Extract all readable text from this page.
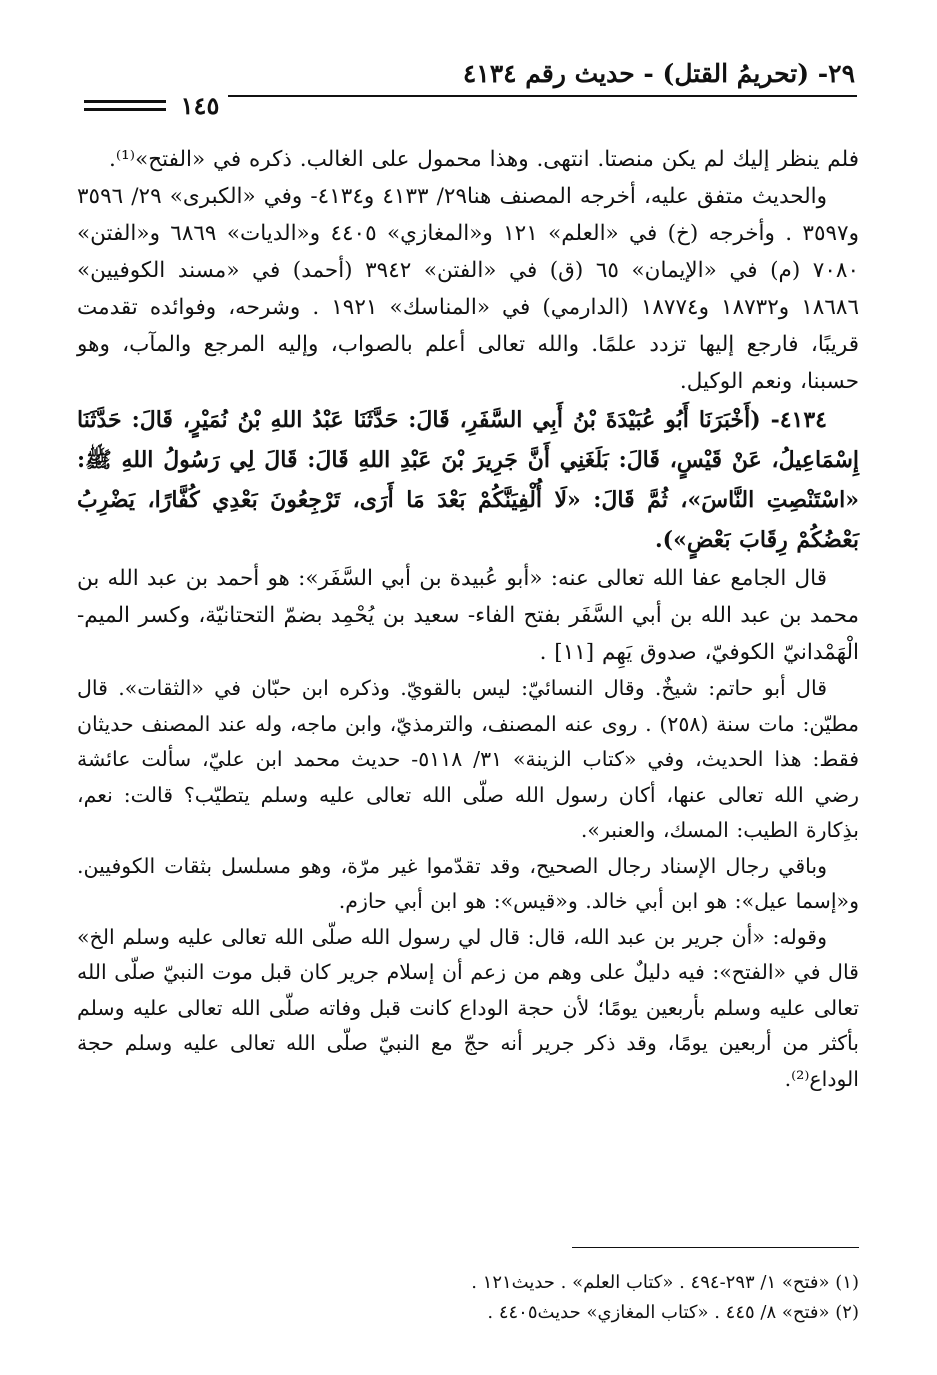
٢٩- (تحريمُ القتل) - حديث رقم ٤١٣٤
١٤٥

فلم ينظر إليك لم يكن منصتا. انتهى. وهذا محمول على الغالب. ذكره في «الفتح»⁽¹⁾.

والحديث متفق عليه، أخرجه المصنف هنا٢٩/ ٤١٣٣ و٤١٣٤- وفي «الكبرى» ٢٩/ ٣٥٩٦ و٣٥٩٧ . وأخرجه (خ) في «العلم» ١٢١ و«المغازي» ٤٤٠٥ و«الديات» ٦٨٦٩ و«الفتن» ٧٠٨٠ (م) في «الإيمان» ٦٥ (ق) في «الفتن» ٣٩٤٢ (أحمد) في «مسند الكوفيين» ١٨٦٨٦ و١٨٧٣٢ و١٨٧٧٤ (الدارمي) في «المناسك» ١٩٢١ . وشرحه، وفوائده تقدمت قريبًا، فارجع إليها تزدد علمًا. والله تعالى أعلم بالصواب، وإليه المرجع والمآب، وهو حسبنا، ونعم الوكيل.

٤١٣٤- (أَخْبَرَنَا أَبُو عُبَيْدَةَ بْنُ أَبِي السَّفَرِ، قَالَ: حَدَّثَنَا عَبْدُ اللهِ بْنُ نُمَيْرٍ، قَالَ: حَدَّثَنَا إِسْمَاعِيلُ، عَنْ قَيْسٍ، قَالَ: بَلَغَنِي أَنَّ جَرِيرَ بْنَ عَبْدِ اللهِ قَالَ: قَالَ لِي رَسُولُ اللهِ ﷺ: «اسْتَنْصِتِ النَّاسَ»، ثُمَّ قَالَ: «لَا أُلْفِيَنَّكُمْ بَعْدَ مَا أَرَى، تَرْجِعُونَ بَعْدِي كُفَّارًا، يَضْرِبُ بَعْضُكُمْ رِقَابَ بَعْضٍ»).

قال الجامع عفا الله تعالى عنه: «أبو عُبيدة بن أبي السَّفَر»: هو أحمد بن عبد الله بن محمد بن عبد الله بن أبي السَّفَر بفتح الفاء- سعيد بن يُحْمِد بضمّ التحتانيّة، وكسر الميم- الْهَمْدانيّ الكوفيّ، صدوق يَهِم [١١] .

قال أبو حاتم: شيخٌ. وقال النسائيّ: ليس بالقويّ. وذكره ابن حبّان في «الثقات». قال مطيّن: مات سنة (٢٥٨) . روى عنه المصنف، والترمذيّ، وابن ماجه، وله عند المصنف حديثان فقط: هذا الحديث، وفي «كتاب الزينة» ٣١/ ٥١١٨- حديث محمد ابن عليّ، سألت عائشة رضي الله تعالى عنها، أكان رسول الله صلّى الله تعالى عليه وسلم يتطيّب؟ قالت: نعم، بذِكارة الطيب: المسك، والعنبر».

وباقي رجال الإسناد رجال الصحيح، وقد تقدّموا غير مرّة، وهو مسلسل بثقات الكوفيين. و«إسما عيل»: هو ابن أبي خالد. و«قيس»: هو ابن أبي حازم.

وقوله: «أن جرير بن عبد الله، قال: قال لي رسول الله صلّى الله تعالى عليه وسلم الخ» قال في «الفتح»: فيه دليلٌ على وهم من زعم أن إسلام جرير كان قبل موت النبيّ صلّى الله تعالى عليه وسلم بأربعين يومًا؛ لأن حجة الوداع كانت قبل وفاته صلّى الله تعالى عليه وسلم بأكثر من أربعين يومًا، وقد ذكر جرير أنه حجّ مع النبيّ صلّى الله تعالى عليه وسلم حجة الوداع⁽²⁾.

(١) «فتح» ١/ ٢٩٣-٤٩٤ . «كتاب العلم» . حديث١٢١ .

(٢) «فتح» ٨/ ٤٤٥ . «كتاب المغازي» حديث٤٤٠٥ .
